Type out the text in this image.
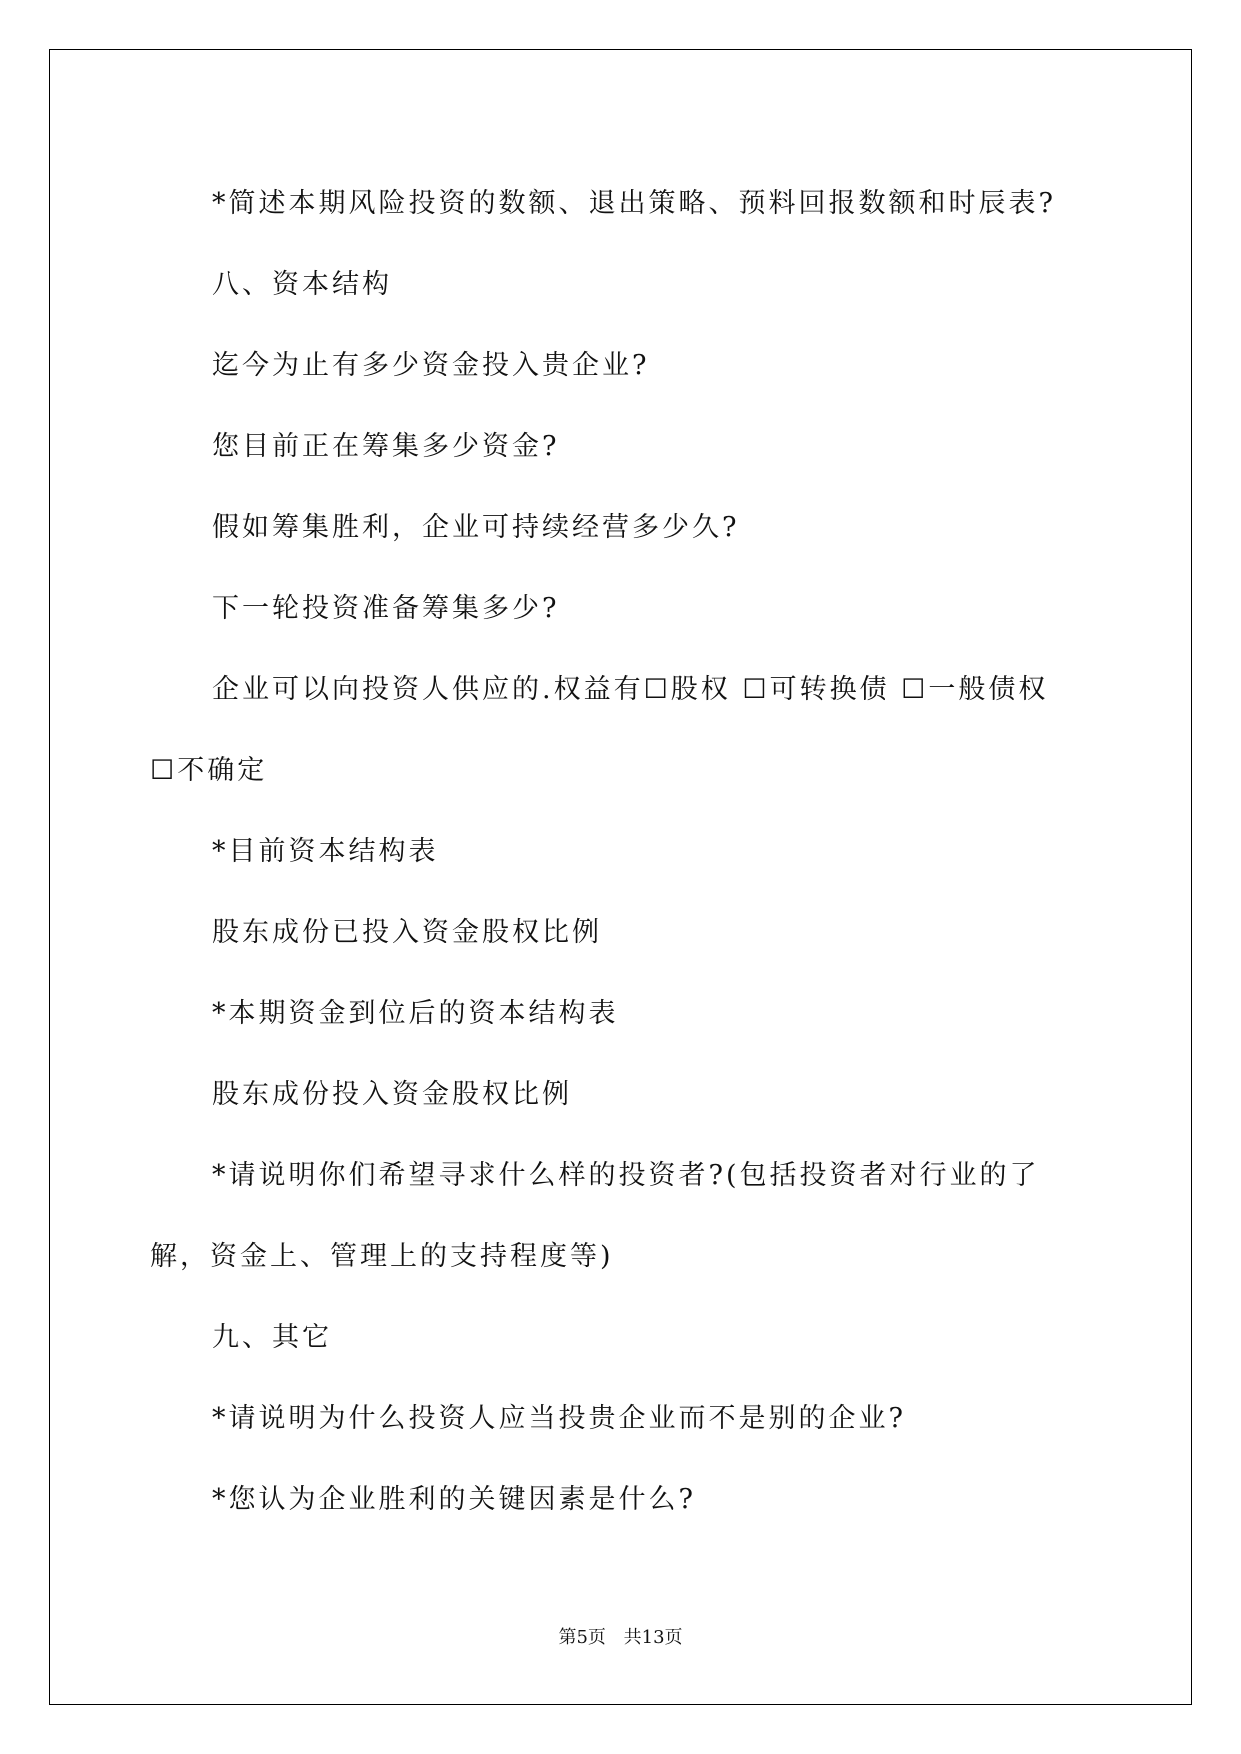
*简述本期风险投资的数额、退出策略、预料回报数额和时辰表?
八、资本结构
迄今为止有多少资金投入贵企业?
您目前正在筹集多少资金?
假如筹集胜利，企业可持续经营多少久?
下一轮投资准备筹集多少?
企业可以向投资人供应的.权益有☐股权 ☐可转换债 ☐一般债权
☐不确定
*目前资本结构表
股东成份已投入资金股权比例
*本期资金到位后的资本结构表
股东成份投入资金股权比例
*请说明你们希望寻求什么样的投资者?(包括投资者对行业的了
解，资金上、管理上的支持程度等)
九、其它
*请说明为什么投资人应当投贵企业而不是别的企业?
*您认为企业胜利的关键因素是什么?
第5页 共13页
